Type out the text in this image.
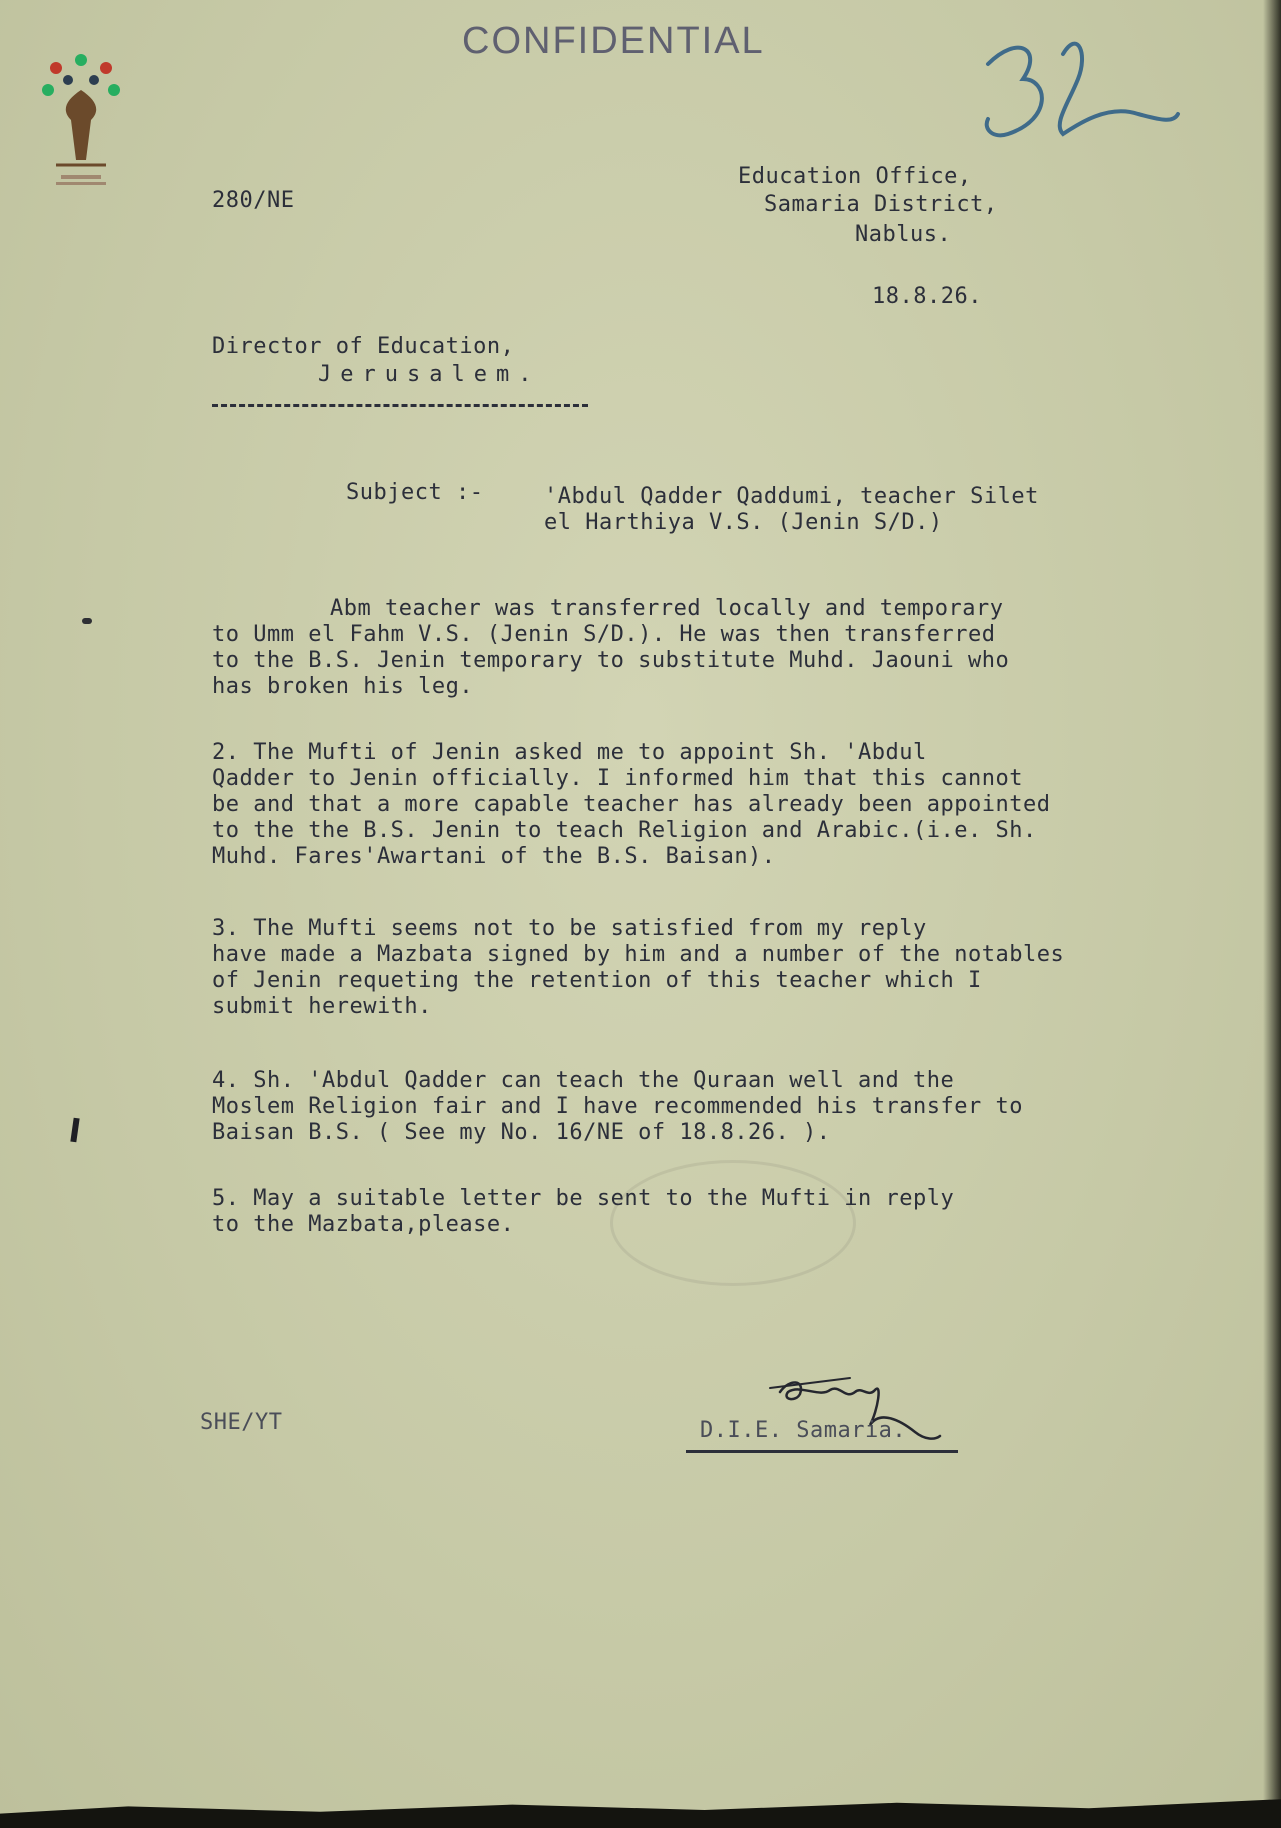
CONFIDENTIAL
280/NE
Education Office,
Samaria District,
Nablus.
18.8.26.
Director of Education,
Jerusalem.
Subject :-	'Abdul Qadder Qaddumi, teacher Silet
el Harthiya V.S. (Jenin S/D.)
Abm teacher was transferred locally and temporary
to Umm el Fahm V.S. (Jenin S/D.). He was then transferred
to the B.S. Jenin temporary to substitute Muhd. Jaouni who
has broken his leg.
2. The Mufti of Jenin asked me to appoint Sh. 'Abdul
Qadder to Jenin officially. I informed him that this cannot
be and that a more capable teacher has already been appointed
to the the B.S. Jenin to teach Religion and Arabic.(i.e. Sh.
Muhd. Fares'Awartani of the B.S. Baisan).
3. The Mufti seems not to be satisfied from my reply
have made a Mazbata signed by him and a number of the notables
of Jenin requeting the retention of this teacher which I
submit herewith.
4. Sh. 'Abdul Qadder can teach the Quraan well and the
Moslem Religion fair and I have recommended his transfer to
Baisan B.S. ( See my No. 16/NE of 18.8.26. ).
5. May a suitable letter be sent to the Mufti in reply
to the Mazbata,please.
SHE/YT	D.I.E. Samaria.
